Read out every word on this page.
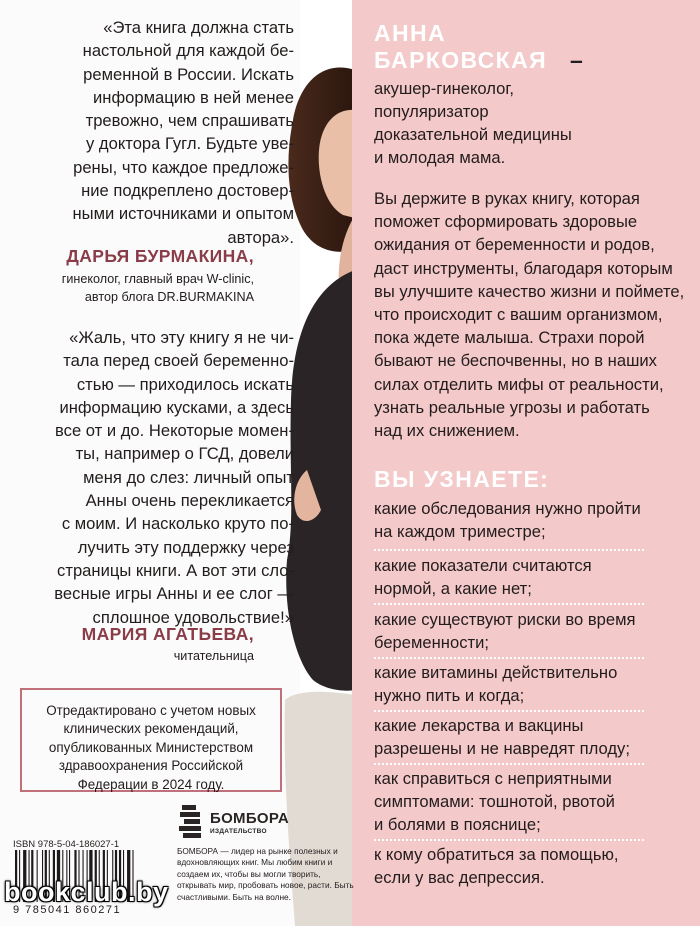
«Эта книга должна стать
настольной для каждой бе-
ременной в России. Искать
информацию в ней менее
тревожно, чем спрашивать
у доктора Гугл. Будьте уве-
рены, что каждое предложе-
ние подкреплено достовер-
ными источниками и опытом
автора».
ДАРЬЯ БУРМАКИНА,
гинеколог, главный врач W-clinic,
автор блога DR.BURMAKINA
«Жаль, что эту книгу я не чи-
тала перед своей беременно-
стью — приходилось искать
информацию кусками, а здесь
все от и до. Некоторые момен-
ты, например о ГСД, довели
меня до слез: личный опыт
Анны очень перекликается
с моим. И насколько круто по-
лучить эту поддержку через
страницы книги. А вот эти сло-
весные игры Анны и ее слог —
сплошное удовольствие!»
МАРИЯ АГАТЬЕВА,
читательница
Отредактировано с учетом новых
клинических рекомендаций,
опубликованных Министерством
здравоохранения Российской
Федерации в 2024 году.
ISBN 978-5-04-186027-1
9 785041 860271
bookclub.by
БОМБОРА
ИЗДАТЕЛЬСТВО
БОМБОРА — лидер на рынке полезных и вдохновляющих книг. Мы любим книги и создаем их, чтобы вы могли творить, открывать мир, пробовать новое, расти. Быть счастливыми. Быть на волне.
АННА
БАРКОВСКАЯ –
акушер-гинеколог,
популяризатор
доказательной медицины
и молодая мама.
Вы держите в руках книгу, которая
поможет сформировать здоровые
ожидания от беременности и родов,
даст инструменты, благодаря которым
вы улучшите качество жизни и поймете,
что происходит с вашим организмом,
пока ждете малыша. Страхи порой
бывают не беспочвенны, но в наших
силах отделить мифы от реальности,
узнать реальные угрозы и работать
над их снижением.
ВЫ УЗНАЕТЕ:
какие обследования нужно пройти
на каждом триместре;
какие показатели считаются
нормой, а какие нет;
какие существуют риски во время
беременности;
какие витамины действительно
нужно пить и когда;
какие лекарства и вакцины
разрешены и не навредят плоду;
как справиться с неприятными
симптомами: тошнотой, рвотой
и болями в пояснице;
к кому обратиться за помощью,
если у вас депрессия.
